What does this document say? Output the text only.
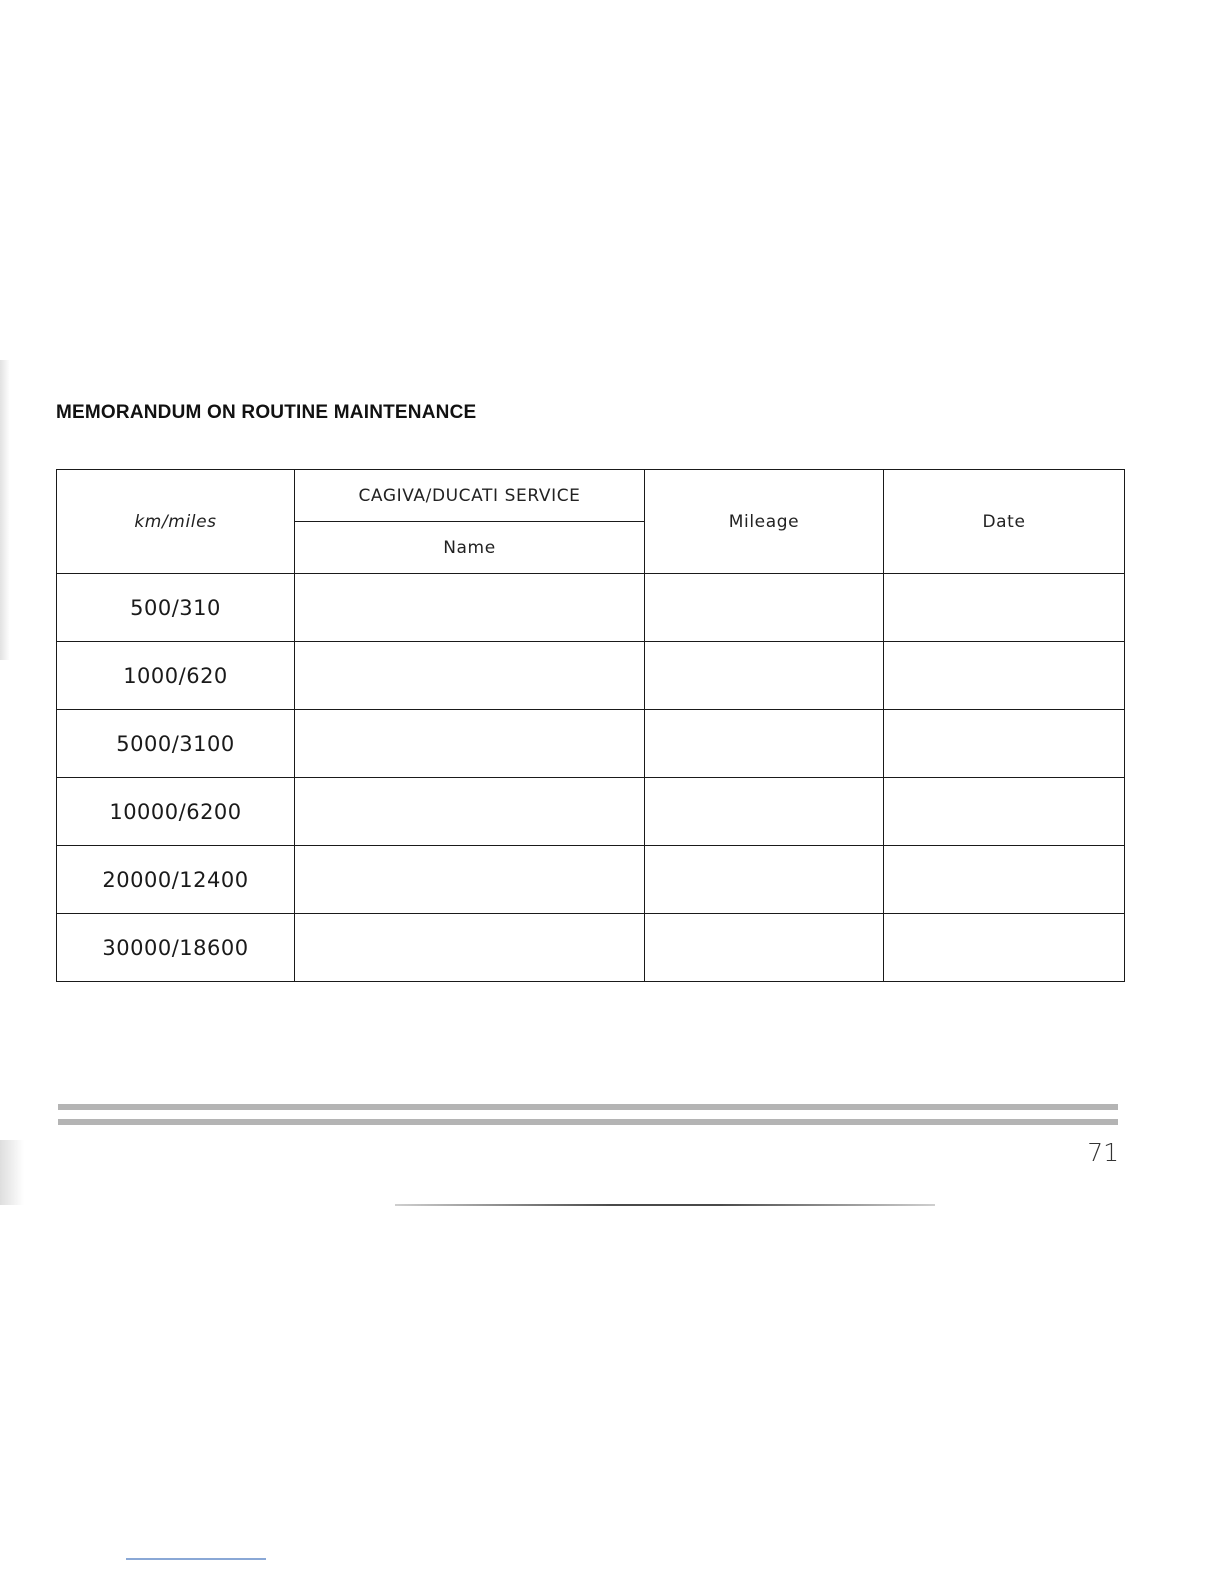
MEMORANDUM ON ROUTINE MAINTENANCE
km/miles	CAGIVA/DUCATI SERVICE	Mileage	Date
	Name		
500/310			
1000/620			
5000/3100			
10000/6200			
20000/12400			
30000/18600			
71
